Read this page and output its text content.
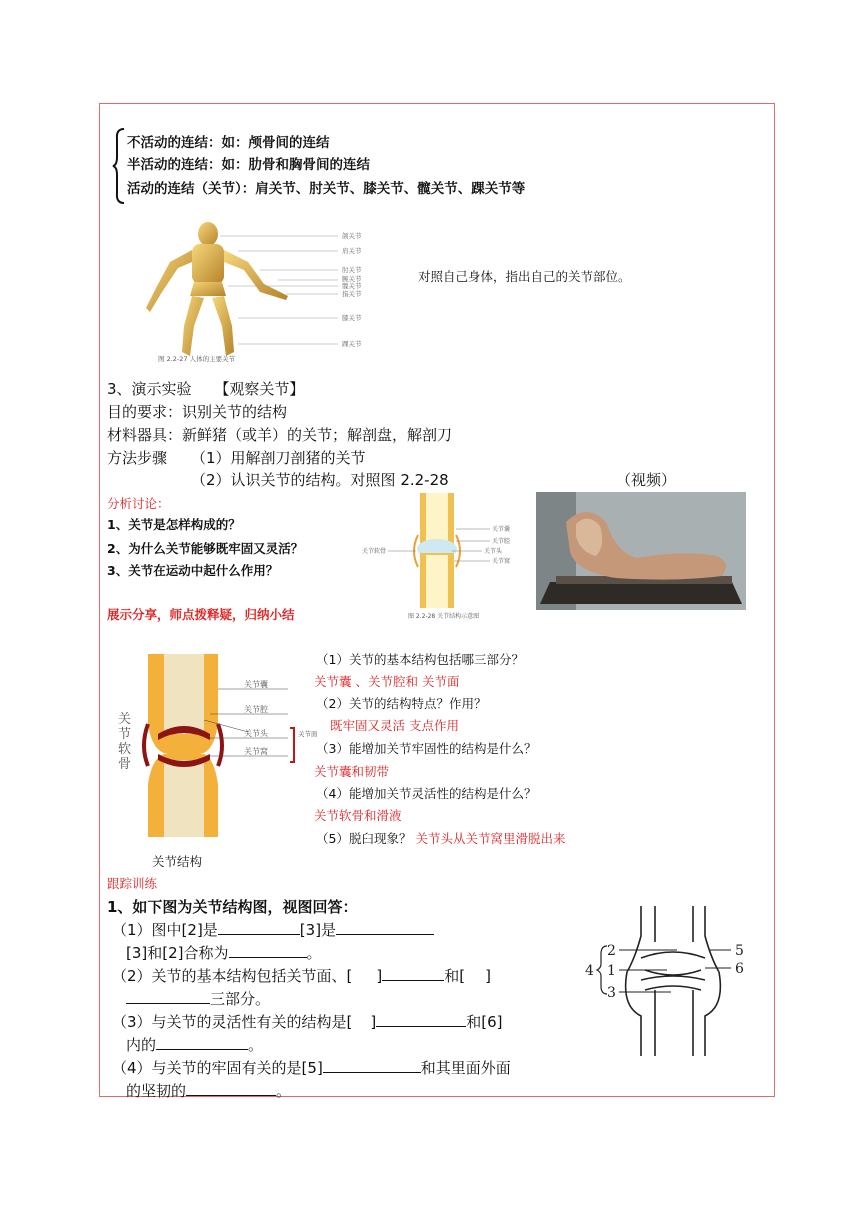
不活动的连结：如：颅骨间的连结
半活动的连结：如：肋骨和胸骨间的连结
活动的连结（关节）：肩关节、肘关节、膝关节、髋关节、踝关节等
颌关节
肩关节
肘关节
腕关节
髋关节
指关节
膝关节
踝关节
图 2.2-27 人体的主要关节
对照自己身体，指出自己的关节部位。
3、演示实验 【观察关节】
目的要求：识别关节的结构
材料器具：新鲜猪（或羊）的关节；解剖盘，解剖刀
方法步骤 （1）用解剖刀剖猪的关节
（2）认识关节的结构。对照图 2.2-28	（视频）
分析讨论：
1、关节是怎样构成的？
2、为什么关节能够既牢固又灵活？
3、关节在运动中起什么作用？
展示分享，师点拨释疑，归纳小结
关节囊
关节腔
关节头
关节窝
关节软骨
图 2.2-28 关节结构示意图
关节囊
关节腔
关节头
关节窝
关节面
关节软骨
关节结构
（1）关节的基本结构包括哪三部分？
关节囊 、关节腔和 关节面
（2）关节的结构特点？作用？
既牢固又灵活 支点作用
（3）能增加关节牢固性的结构是什么？
关节囊和韧带
（4）能增加关节灵活性的结构是什么？
关节软骨和滑液
（5）脱臼现象？ 关节头从关节窝里滑脱出来
跟踪训练
1、如下图为关节结构图，视图回答：
（1）图中[2]是	[3]是
[3]和[2]合称为	。
（2）关节的基本结构包括关节面、[ ]	和[ ]
三部分。
（3）与关节的灵活性有关的结构是[ ]	和[6]
内的	。
（4）与关节的牢固有关的是[5]	和其里面外面
的坚韧的	。
2
1
3
4
5
6
